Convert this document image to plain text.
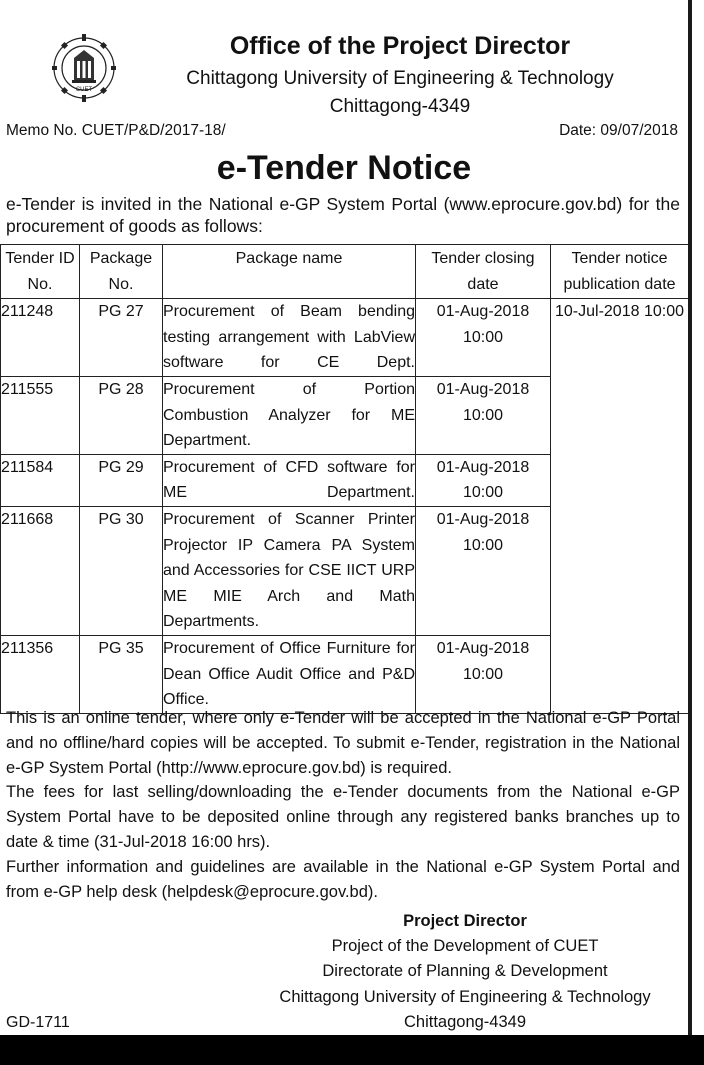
CUET
Office of the Project Director
Chittagong University of Engineering & Technology
Chittagong-4349
Memo No. CUET/P&D/2017-18/	Date: 09/07/2018
e-Tender Notice
e-Tender is invited in the National e-GP System Portal (www.eprocure.gov.bd) for the procurement of goods as follows:
Tender ID No.	Package No.	Package name	Tender closing date	Tender notice publication date
211248	PG 27	Procurement of Beam bending testing arrangement with LabView software for CE Dept.	01-Aug-2018 10:00	10-Jul-2018 10:00
211555	PG 28	Procurement of Portion Combustion Analyzer for ME Department.	01-Aug-2018 10:00	
211584	PG 29	Procurement of CFD software for ME Department.	01-Aug-2018 10:00	
211668	PG 30	Procurement of Scanner Printer Projector IP Camera PA System and Accessories for CSE IICT URP ME MIE Arch and Math Departments.	01-Aug-2018 10:00	
211356	PG 35	Procurement of Office Furniture for Dean Office Audit Office and P&D Office.	01-Aug-2018 10:00	

This is an online tender, where only e-Tender will be accepted in the National e-GP Portal and no offline/hard copies will be accepted. To submit e-Tender, registration in the National e-GP System Portal (http://www.eprocure.gov.bd) is required.

The fees for last selling/downloading the e-Tender documents from the National e-GP System Portal have to be deposited online through any registered banks branches up to date & time (31-Jul-2018 16:00 hrs).

Further information and guidelines are available in the National e-GP System Portal and from e-GP help desk (helpdesk@eprocure.gov.bd).

Project Director
Project of the Development of CUET
Directorate of Planning & Development
Chittagong University of Engineering & Technology
Chittagong-4349
GD-1711
